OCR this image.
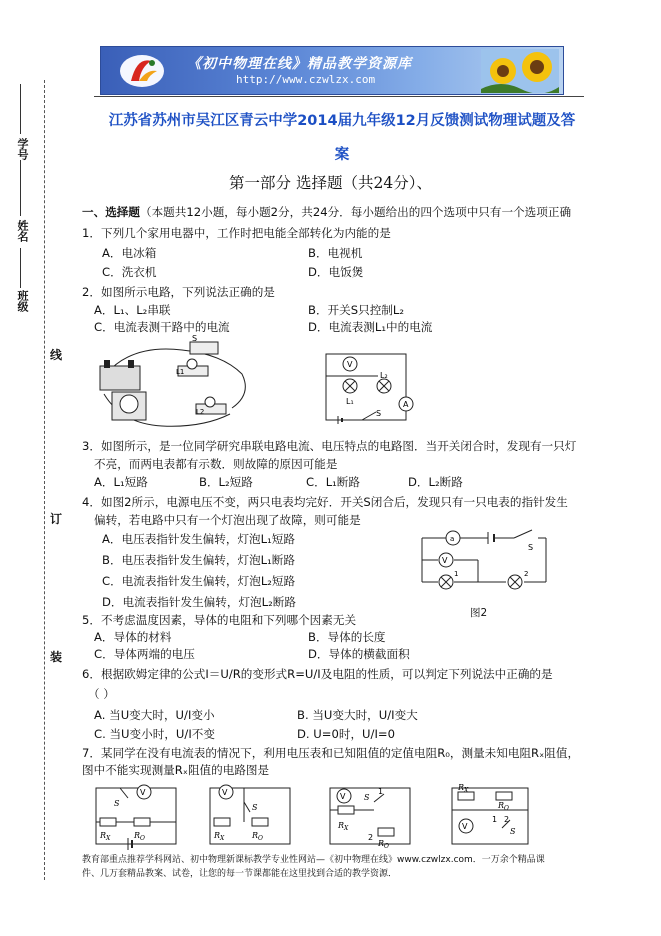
学号
姓名
班级
线
订
装
《初中物理在线》精品教学资源库
http://www.czwlzx.com
江苏省苏州市吴江区青云中学2014届九年级12月反馈测试物理试题及答
案
第一部分 选择题（共24分）、
一、选择题（本题共12小题，每小题2分，共24分．每小题给出的四个选项中只有一个选项正确
1．下列几个家用电器中，工作时把电能全部转化为内能的是
A．电冰箱	B．电视机
C．洗衣机	D．电饭煲
2．如图所示电路，下列说法正确的是
A．L₁、L₂串联	B．开关S只控制L₂
C．电流表测干路中的电流	D．电流表测L₁中的电流
S
L1
L2
V
A
L₂
L₁
S
3．如图所示，是一位同学研究串联电路电流、电压特点的电路图．当开关闭合时，发现有一只灯
不亮，而两电表都有示数．则故障的原因可能是
A．L₁短路	B．L₂短路	C．L₁断路	D．L₂断路
4．如图2所示，电源电压不变，两只电表均完好．开关S闭合后，发现只有一只电表的指针发生
偏转，若电路中只有一个灯泡出现了故障，则可能是
A．电压表指针发生偏转，灯泡L₁短路
B．电压表指针发生偏转，灯泡L₁断路
C．电流表指针发生偏转，灯泡L₂短路
D．电流表指针发生偏转，灯泡L₂断路
a
V
1	2
S
图2
5．不考虑温度因素，导体的电阻和下列哪个因素无关
A．导体的材料	B．导体的长度
C．导体两端的电压	D．导体的横截面积
6．根据欧姆定律的公式I＝U/R的变形式R=U/I及电阻的性质，可以判定下列说法中正确的是
（ ）
A. 当U变大时，U/I变小	B. 当U变大时，U/I变大
C. 当U变小时，U/I不变	D. U=0时，U/I=0
7．某同学在没有电流表的情况下，利用电压表和已知阻值的定值电阻R₀，测量未知电阻Rₓ阻值，
图中不能实现测量Rₓ阻值的电路图是
V
S
R X	R O
V
S
R X	R O
V S
1
2
R X
R O
R X
R O
V
1 2
S
教育部重点推荐学科网站、初中物理新课标教学专业性网站—《初中物理在线》www.czwlzx.com．一万余个精品课
件、几万套精品教案、试卷，让您的每一节课都能在这里找到合适的教学资源．
